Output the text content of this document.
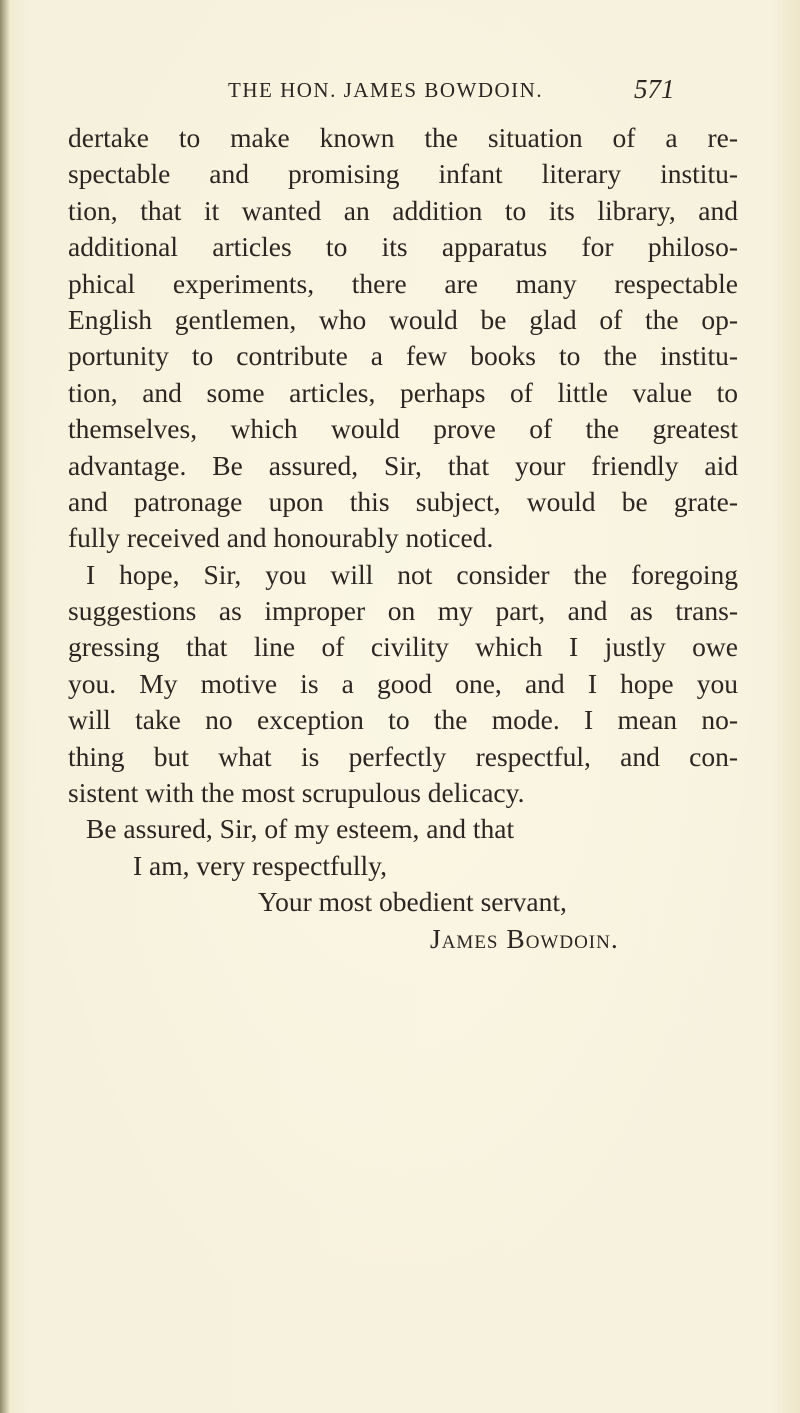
THE HON. JAMES BOWDOIN.	571
dertake to make known the situation of a re-
spectable and promising infant literary institu-
tion, that it wanted an addition to its library, and
additional articles to its apparatus for philoso-
phical experiments, there are many respectable
English gentlemen, who would be glad of the op-
portunity to contribute a few books to the institu-
tion, and some articles, perhaps of little value to
themselves, which would prove of the greatest
advantage. Be assured, Sir, that your friendly aid
and patronage upon this subject, would be grate-
fully received and honourably noticed.
I hope, Sir, you will not consider the foregoing
suggestions as improper on my part, and as trans-
gressing that line of civility which I justly owe
you. My motive is a good one, and I hope you
will take no exception to the mode. I mean no-
thing but what is perfectly respectful, and con-
sistent with the most scrupulous delicacy.
Be assured, Sir, of my esteem, and that
I am, very respectfully,
Your most obedient servant,
James Bowdoin.
